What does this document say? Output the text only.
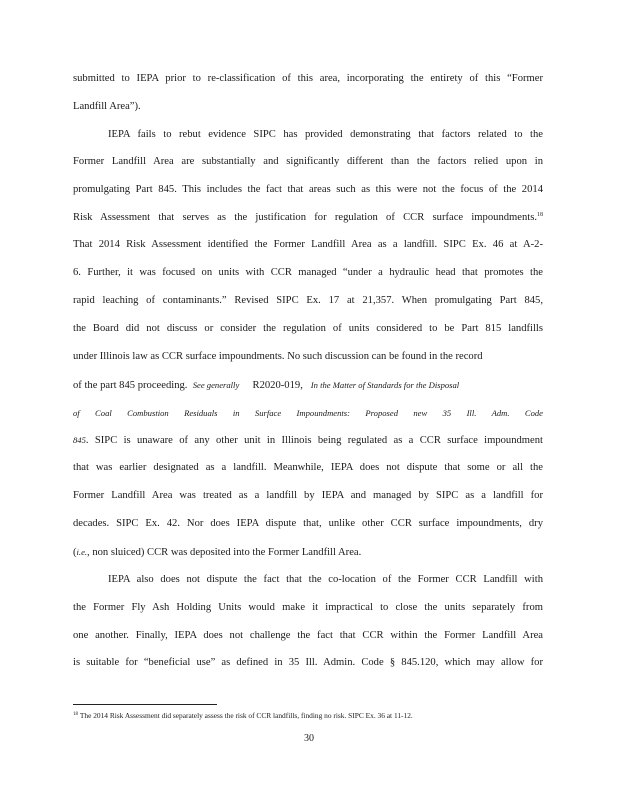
submitted to IEPA prior to re-classification of this area, incorporating the entirety of this “Former
Landfill Area”).
IEPA fails to rebut evidence SIPC has provided demonstrating that factors related to the
Former Landfill Area are substantially and significantly different than the factors relied upon in
promulgating Part 845. This includes the fact that areas such as this were not the focus of the 2014
Risk Assessment that serves as the justification for regulation of CCR surface impoundments.$^{18}$
That 2014 Risk Assessment identified the Former Landfill Area as a landfill. SIPC Ex. 46 at A-2-
6. Further, it was focused on units with CCR managed “under a hydraulic head that promotes the
rapid leaching of contaminants.” Revised SIPC Ex. 17 at 21,357. When promulgating Part 845,
the Board did not discuss or consider the regulation of units considered to be Part 815 landfills
under Illinois law as CCR surface impoundments. No such discussion can be found in the record
of the part 845 proceeding. See generally R2020-019, In the Matter of Standards for the Disposal
of Coal Combustion Residuals in Surface Impoundments: Proposed new 35 Ill. Adm. Code
845. SIPC is unaware of any other unit in Illinois being regulated as a CCR surface impoundment
that was earlier designated as a landfill. Meanwhile, IEPA does not dispute that some or all the
Former Landfill Area was treated as a landfill by IEPA and managed by SIPC as a landfill for
decades. SIPC Ex. 42. Nor does IEPA dispute that, unlike other CCR surface impoundments, dry
(i.e., non sluiced) CCR was deposited into the Former Landfill Area.
IEPA also does not dispute the fact that the co-location of the Former CCR Landfill with
the Former Fly Ash Holding Units would make it impractical to close the units separately from
one another. Finally, IEPA does not challenge the fact that CCR within the Former Landfill Area
is suitable for “beneficial use” as defined in 35 Ill. Admin. Code § 845.120, which may allow for
$^{18}$ The 2014 Risk Assessment did separately assess the risk of CCR landfills, finding no risk. SIPC Ex. 36 at 11-12.
30
